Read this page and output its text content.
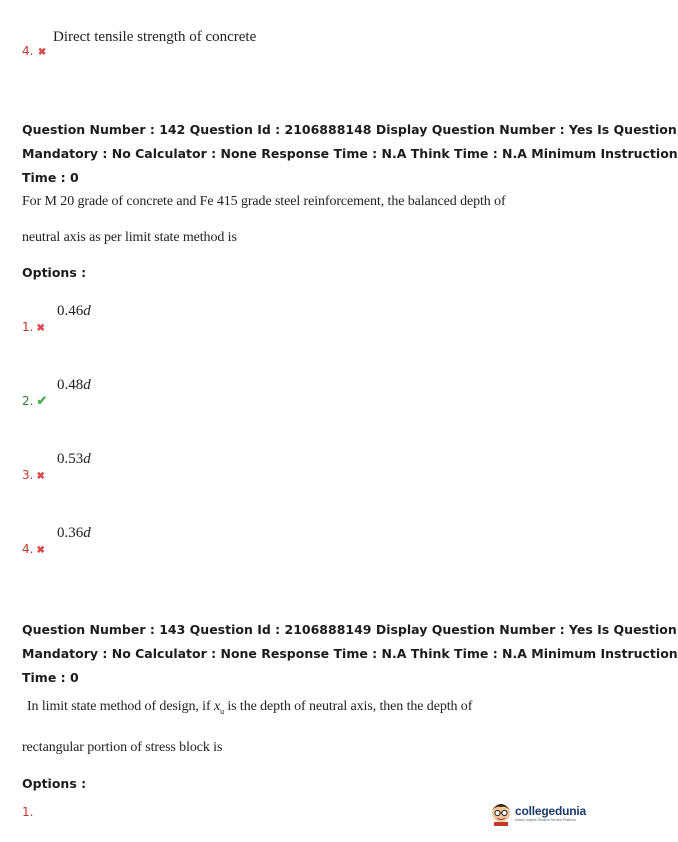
Direct tensile strength of concrete
4. ✖
Question Number : 142 Question Id : 2106888148 Display Question Number : Yes Is Question
Mandatory : No Calculator : None Response Time : N.A Think Time : N.A Minimum Instruction
Time : 0
For M 20 grade of concrete and Fe 415 grade steel reinforcement, the balanced depth of
neutral axis as per limit state method is
Options :
0.46d
1. ✖
0.48d
2. ✔
0.53d
3. ✖
0.36d
4. ✖
Question Number : 143 Question Id : 2106888149 Display Question Number : Yes Is Question
Mandatory : No Calculator : None Response Time : N.A Think Time : N.A Minimum Instruction
Time : 0
In limit state method of design, if $x_u$ is the depth of neutral axis, then the depth of
rectangular portion of stress block is
Options :
1.	collegedunia
India's largest Student Review Platform
